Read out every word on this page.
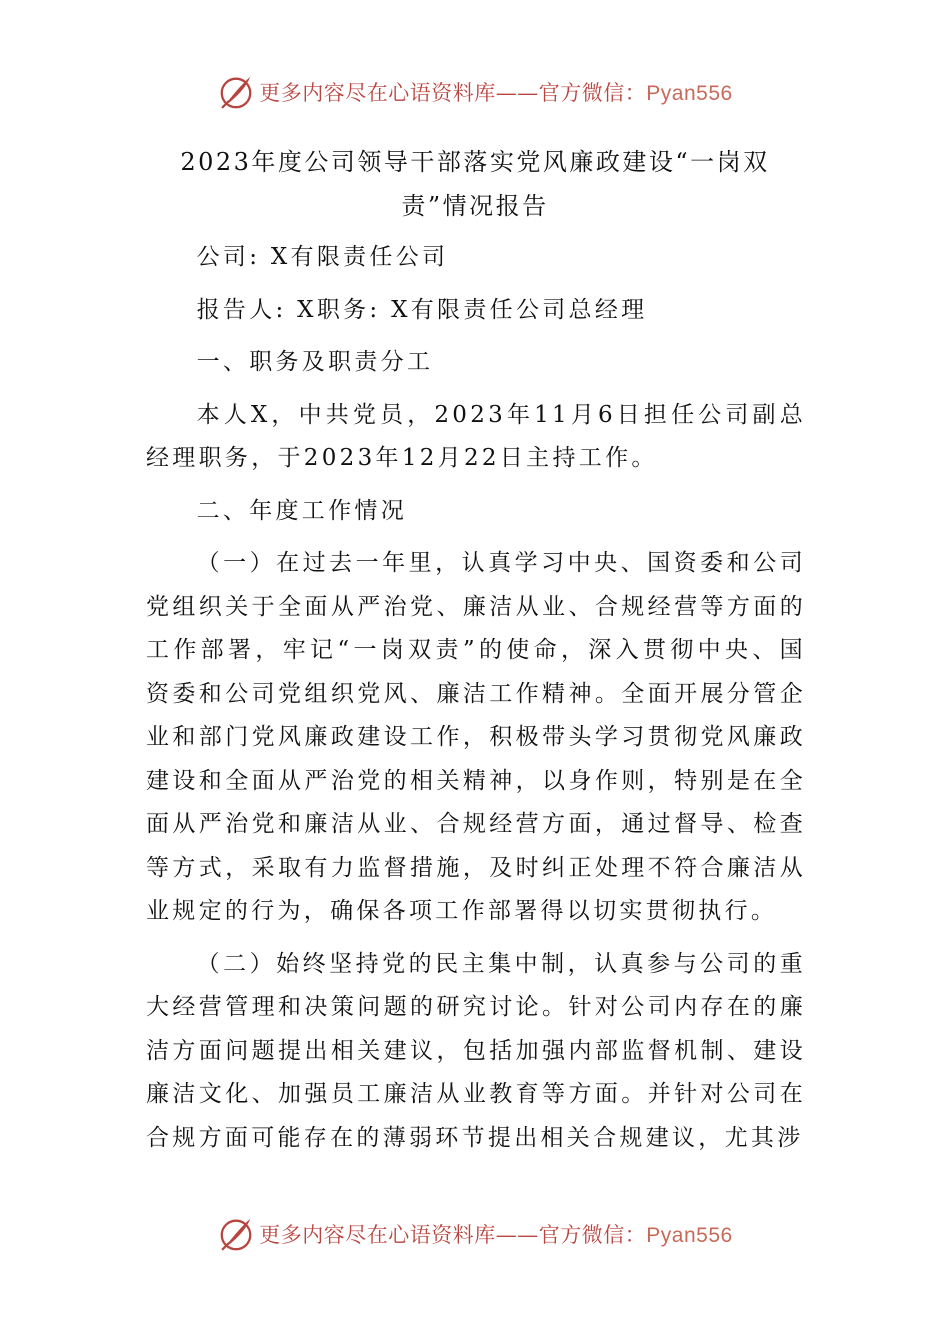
更多内容尽在心语资料库——官方微信：Pyan556
2023年度公司领导干部落实党风廉政建设“一岗双责”情况报告

公司: X有限责任公司

报告人: X职务: X有限责任公司总经理

一、职务及职责分工

本人X，中共党员，2023年11月6日担任公司副总经理职务，于2023年12月22日主持工作。

二、年度工作情况

（一）在过去一年里，认真学习中央、国资委和公司党组织关于全面从严治党、廉洁从业、合规经营等方面的工作部署，牢记“一岗双责”的使命，深入贯彻中央、国资委和公司党组织党风、廉洁工作精神。全面开展分管企业和部门党风廉政建设工作，积极带头学习贯彻党风廉政建设和全面从严治党的相关精神，以身作则，特别是在全面从严治党和廉洁从业、合规经营方面，通过督导、检查等方式，采取有力监督措施，及时纠正处理不符合廉洁从业规定的行为，确保各项工作部署得以切实贯彻执行。

（二）始终坚持党的民主集中制，认真参与公司的重大经营管理和决策问题的研究讨论。针对公司内存在的廉洁方面问题提出相关建议，包括加强内部监督机制、建设廉洁文化、加强员工廉洁从业教育等方面。并针对公司在合规方面可能存在的薄弱环节提出相关合规建议，尤其涉

更多内容尽在心语资料库——官方微信：Pyan556
